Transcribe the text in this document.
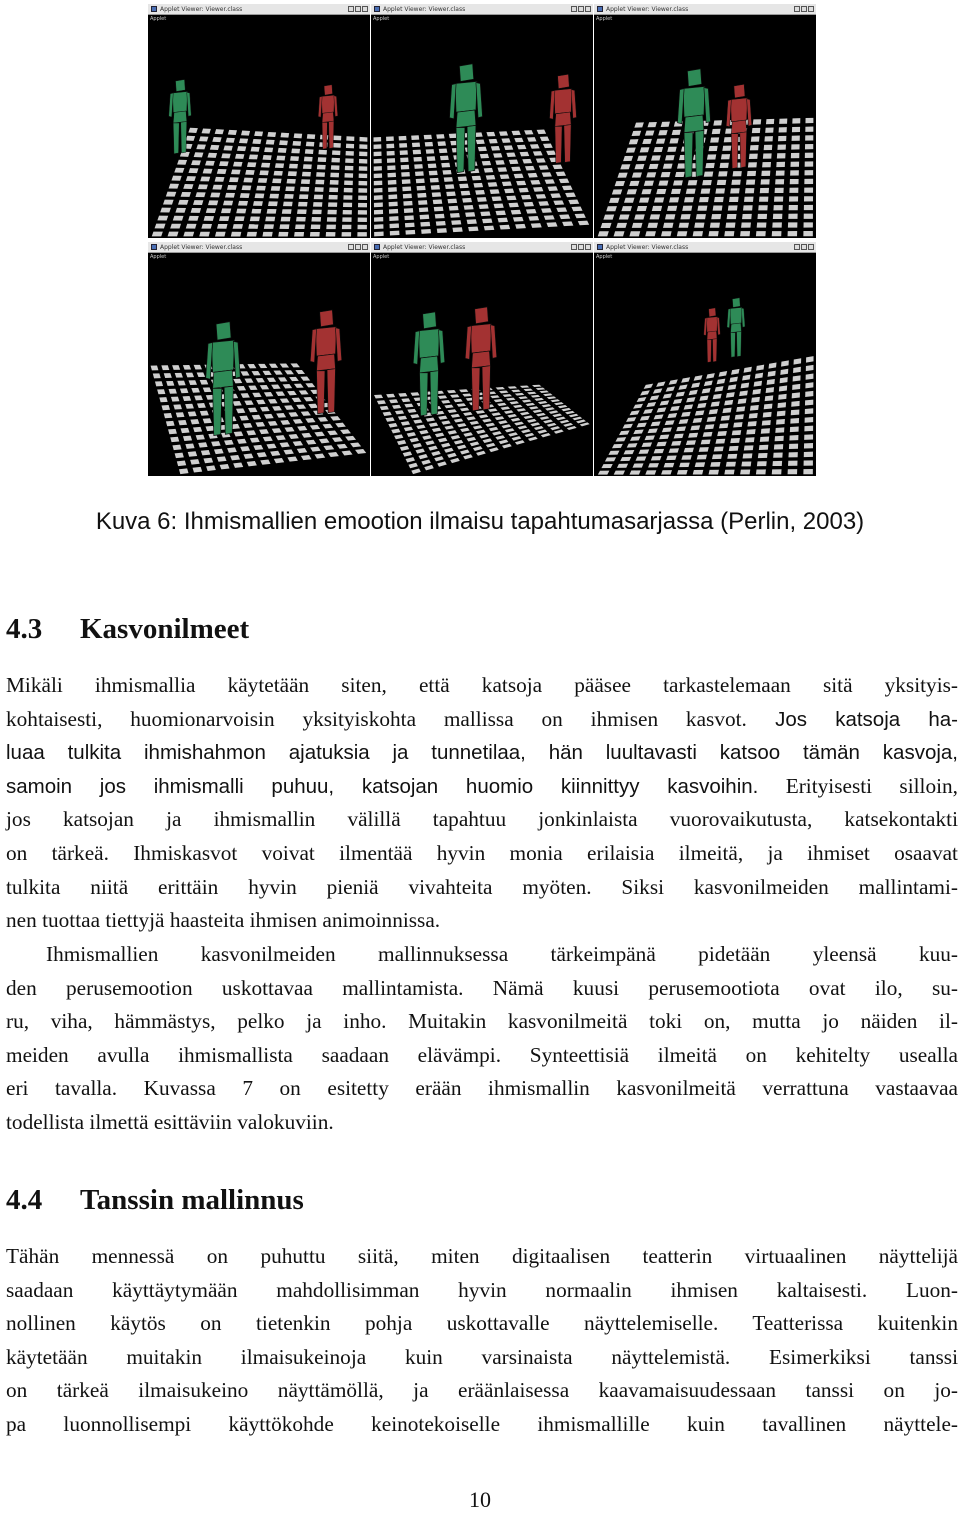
Applet Viewer: Viewer.class
Applet
Applet Viewer: Viewer.class
Applet
Applet Viewer: Viewer.class
Applet
Applet Viewer: Viewer.class
Applet
Applet Viewer: Viewer.class
Applet
Applet Viewer: Viewer.class
Applet
Kuva 6: Ihmismallien emootion ilmaisu tapahtumasarjassa (Perlin, 2003)
4.3 Kasvonilmeet
Mikäli ihmismallia käytetään siten, että katsoja pääsee tarkastelemaan sitä yksityis-
kohtaisesti, huomionarvoisin yksityiskohta mallissa on ihmisen kasvot. Jos katsoja ha-
luaa tulkita ihmishahmon ajatuksia ja tunnetilaa, hän luultavasti katsoo tämän kasvoja,
samoin jos ihmismalli puhuu, katsojan huomio kiinnittyy kasvoihin. Erityisesti silloin,
jos katsojan ja ihmismallin välillä tapahtuu jonkinlaista vuorovaikutusta, katsekontakti
on tärkeä. Ihmiskasvot voivat ilmentää hyvin monia erilaisia ilmeitä, ja ihmiset osaavat
tulkita niitä erittäin hyvin pieniä vivahteita myöten. Siksi kasvonilmeiden mallintami-
nen tuottaa tiettyjä haasteita ihmisen animoinnissa.
Ihmismallien kasvonilmeiden mallinnuksessa tärkeimpänä pidetään yleensä kuu-
den perusemootion uskottavaa mallintamista. Nämä kuusi perusemootiota ovat ilo, su-
ru, viha, hämmästys, pelko ja inho. Muitakin kasvonilmeitä toki on, mutta jo näiden il-
meiden avulla ihmismallista saadaan elävämpi. Synteettisiä ilmeitä on kehitelty usealla
eri tavalla. Kuvassa 7 on esitetty erään ihmismallin kasvonilmeitä verrattuna vastaavaa
todellista ilmettä esittäviin valokuviin.
4.4 Tanssin mallinnus
Tähän mennessä on puhuttu siitä, miten digitaalisen teatterin virtuaalinen näyttelijä
saadaan käyttäytymään mahdollisimman hyvin normaalin ihmisen kaltaisesti. Luon-
nollinen käytös on tietenkin pohja uskottavalle näyttelemiselle. Teatterissa kuitenkin
käytetään muitakin ilmaisukeinoja kuin varsinaista näyttelemistä. Esimerkiksi tanssi
on tärkeä ilmaisukeino näyttämöllä, ja eräänlaisessa kaavamaisuudessaan tanssi on jo-
pa luonnollisempi käyttökohde keinotekoiselle ihmismallille kuin tavallinen näyttele-
10
